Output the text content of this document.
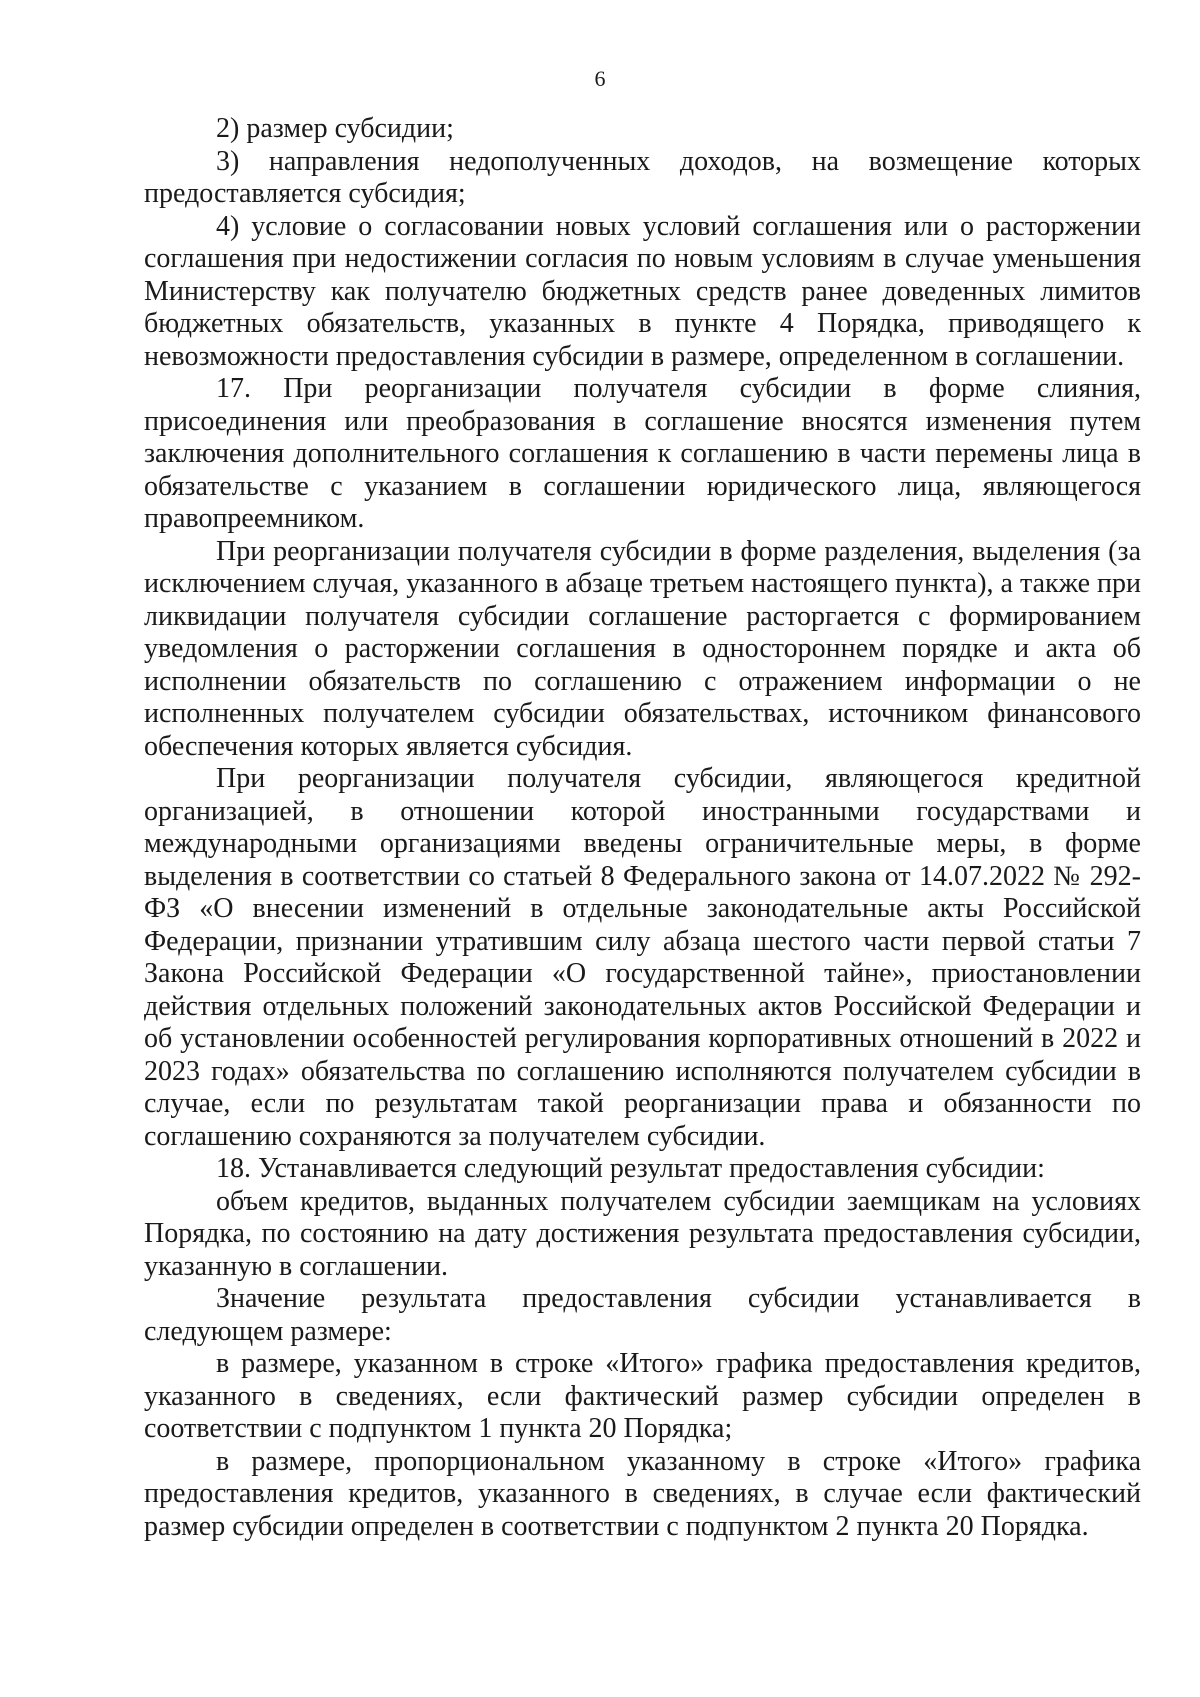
6

2) размер субсидии;

3) направления недополученных доходов, на возмещение которых предоставляется субсидия;

4) условие о согласовании новых условий соглашения или о расторжении соглашения при недостижении согласия по новым условиям в случае уменьшения Министерству как получателю бюджетных средств ранее доведенных лимитов бюджетных обязательств, указанных в пункте 4 Порядка, приводящего к невозможности предоставления субсидии в размере, определенном в соглашении.

17. При реорганизации получателя субсидии в форме слияния, присоединения или преобразования в соглашение вносятся изменения путем заключения дополнительного соглашения к соглашению в части перемены лица в обязательстве с указанием в соглашении юридического лица, являющегося правопреемником.

При реорганизации получателя субсидии в форме разделения, выделения (за исключением случая, указанного в абзаце третьем настоящего пункта), а также при ликвидации получателя субсидии соглашение расторгается с формированием уведомления о расторжении соглашения в одностороннем порядке и акта об исполнении обязательств по соглашению с отражением информации о не исполненных получателем субсидии обязательствах, источником финансового обеспечения которых является субсидия.

При реорганизации получателя субсидии, являющегося кредитной организацией, в отношении которой иностранными государствами и международными организациями введены ограничительные меры, в форме выделения в соответствии со статьей 8 Федерального закона от 14.07.2022 № 292-ФЗ «О внесении изменений в отдельные законодательные акты Российской Федерации, признании утратившим силу абзаца шестого части первой статьи 7 Закона Российской Федерации «О государственной тайне», приостановлении действия отдельных положений законодательных актов Российской Федерации и об установлении особенностей регулирования корпоративных отношений в 2022 и 2023 годах» обязательства по соглашению исполняются получателем субсидии в случае, если по результатам такой реорганизации права и обязанности по соглашению сохраняются за получателем субсидии.

18. Устанавливается следующий результат предоставления субсидии:

объем кредитов, выданных получателем субсидии заемщикам на условиях Порядка, по состоянию на дату достижения результата предоставления субсидии, указанную в соглашении.

Значение результата предоставления субсидии устанавливается в следующем размере:

в размере, указанном в строке «Итого» графика предоставления кредитов, указанного в сведениях, если фактический размер субсидии определен в соответствии с подпунктом 1 пункта 20 Порядка;

в размере, пропорциональном указанному в строке «Итого» графика предоставления кредитов, указанного в сведениях, в случае если фактический размер субсидии определен в соответствии с подпунктом 2 пункта 20 Порядка.
